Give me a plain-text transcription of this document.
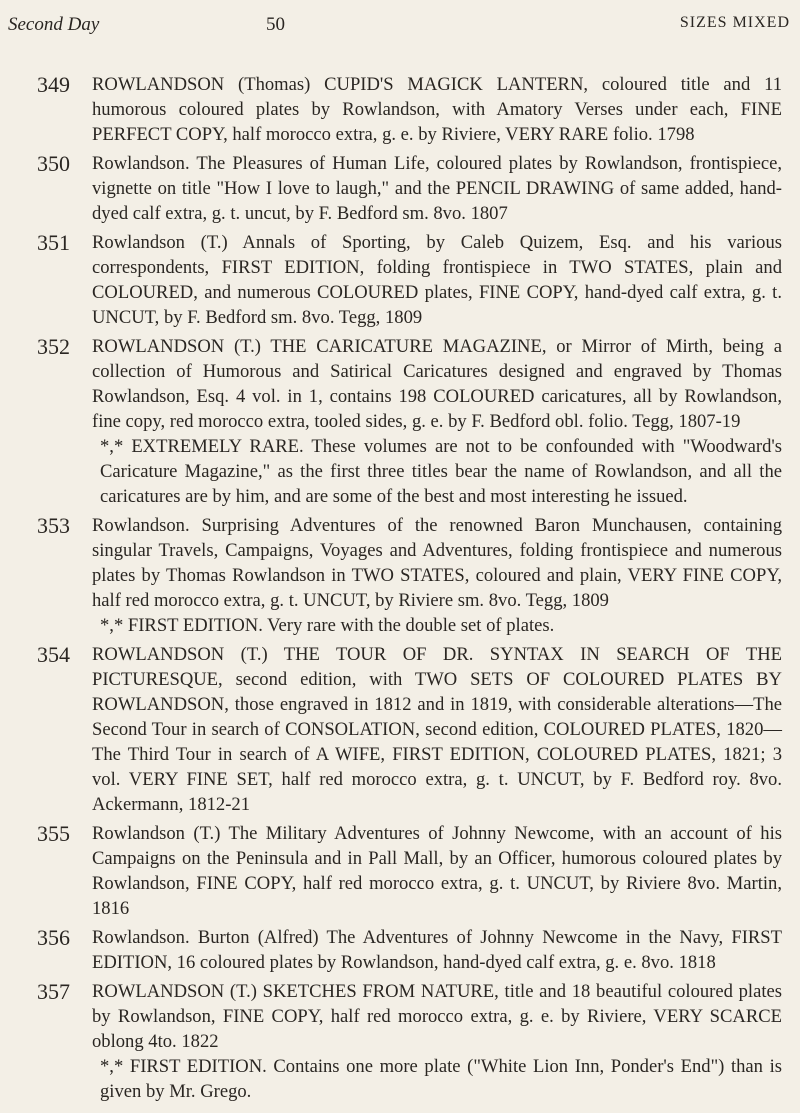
Second Day	50	SIZES MIXED
349	ROWLANDSON (Thomas) CUPID'S MAGICK LANTERN, coloured title and 11 humorous coloured plates by Rowlandson, with Amatory Verses under each, FINE PERFECT COPY, half morocco extra, g. e. by Riviere, VERY RARE folio. 1798

350	Rowlandson. The Pleasures of Human Life, coloured plates by Rowlandson, frontispiece, vignette on title "How I love to laugh," and the PENCIL DRAWING of same added, hand-dyed calf extra, g. t. uncut, by F. Bedford sm. 8vo. 1807

351	Rowlandson (T.) Annals of Sporting, by Caleb Quizem, Esq. and his various correspondents, FIRST EDITION, folding frontispiece in TWO STATES, plain and COLOURED, and numerous COLOURED plates, FINE COPY, hand-dyed calf extra, g. t. UNCUT, by F. Bedford sm. 8vo. Tegg, 1809

352	ROWLANDSON (T.) THE CARICATURE MAGAZINE, or Mirror of Mirth, being a collection of Humorous and Satirical Caricatures designed and engraved by Thomas Rowlandson, Esq. 4 vol. in 1, contains 198 COLOURED caricatures, all by Rowlandson, fine copy, red morocco extra, tooled sides, g. e. by F. Bedford obl. folio. Tegg, 1807-19

*,* EXTREMELY RARE. These volumes are not to be confounded with "Woodward's Caricature Magazine," as the first three titles bear the name of Rowlandson, and all the caricatures are by him, and are some of the best and most interesting he issued.

353	Rowlandson. Surprising Adventures of the renowned Baron Munchausen, containing singular Travels, Campaigns, Voyages and Adventures, folding frontispiece and numerous plates by Thomas Rowlandson in TWO STATES, coloured and plain, VERY FINE COPY, half red morocco extra, g. t. UNCUT, by Riviere sm. 8vo. Tegg, 1809

*,* FIRST EDITION. Very rare with the double set of plates.

354	ROWLANDSON (T.) THE TOUR OF DR. SYNTAX IN SEARCH OF THE PICTURESQUE, second edition, with TWO SETS OF COLOURED PLATES BY ROWLANDSON, those engraved in 1812 and in 1819, with considerable alterations—The Second Tour in search of CONSOLATION, second edition, COLOURED PLATES, 1820—The Third Tour in search of A WIFE, FIRST EDITION, COLOURED PLATES, 1821; 3 vol. VERY FINE SET, half red morocco extra, g. t. UNCUT, by F. Bedford roy. 8vo. Ackermann, 1812-21

355	Rowlandson (T.) The Military Adventures of Johnny Newcome, with an account of his Campaigns on the Peninsula and in Pall Mall, by an Officer, humorous coloured plates by Rowlandson, FINE COPY, half red morocco extra, g. t. UNCUT, by Riviere 8vo. Martin, 1816

356	Rowlandson. Burton (Alfred) The Adventures of Johnny Newcome in the Navy, FIRST EDITION, 16 coloured plates by Rowlandson, hand-dyed calf extra, g. e. 8vo. 1818

357	ROWLANDSON (T.) SKETCHES FROM NATURE, title and 18 beautiful coloured plates by Rowlandson, FINE COPY, half red morocco extra, g. e. by Riviere, VERY SCARCE oblong 4to. 1822

*,* FIRST EDITION. Contains one more plate ("White Lion Inn, Ponder's End") than is given by Mr. Grego.
